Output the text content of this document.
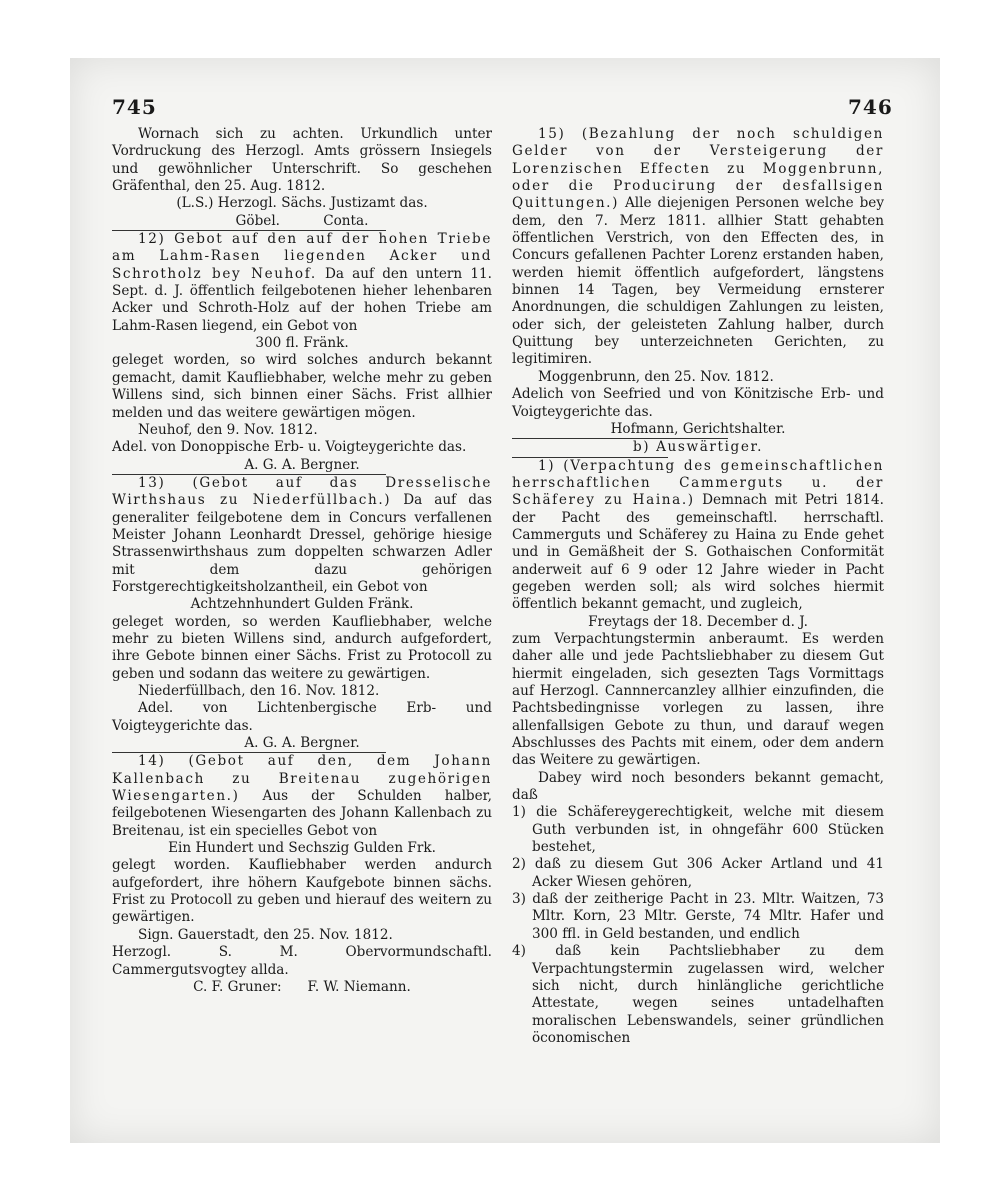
745	746

Wornach sich zu achten. Urkundlich unter Vordruckung des Herzogl. Amts grössern Insiegels und gewöhnlicher Unterschrift. So geschehen Gräfenthal, den 25. Aug. 1812.

(L.S.) Herzogl. Sächs. Justizamt das.

Göbel.          Conta.

12) Gebot auf den auf der hohen Triebe am Lahm-Rasen liegenden Acker und Schrotholz bey Neuhof. Da auf den untern 11. Sept. d. J. öffentlich feilgebotenen hieher lehenbaren Acker und Schroth-Holz auf der hohen Triebe am Lahm-Rasen liegend, ein Gebot von

300 fl. Fränk.

geleget worden, so wird solches andurch bekannt gemacht, damit Kaufliebhaber, welche mehr zu geben Willens sind, sich binnen einer Sächs. Frist allhier melden und das weitere gewärtigen mögen.

Neuhof, den 9. Nov. 1812.

Adel. von Donoppische Erb- u. Voigteygerichte das.

A. G. A. Bergner.

13) (Gebot auf das Dresselische Wirthshaus zu Niederfüllbach.) Da auf das generaliter feilgebotene dem in Concurs verfallenen Meister Johann Leonhardt Dressel, gehörige hiesige Strassenwirthshaus zum doppelten schwarzen Adler mit dem dazu gehörigen Forstgerechtigkeitsholzantheil, ein Gebot von

Achtzehnhundert Gulden Fränk.

geleget worden, so werden Kaufliebhaber, welche mehr zu bieten Willens sind, andurch aufgefordert, ihre Gebote binnen einer Sächs. Frist zu Protocoll zu geben und sodann das weitere zu gewärtigen.

Niederfüllbach, den 16. Nov. 1812.

Adel. von Lichtenbergische Erb- und Voigteygerichte das.

A. G. A. Bergner.

14) (Gebot auf den, dem Johann Kallenbach zu Breitenau zugehörigen Wiesengarten.) Aus der Schulden halber, feilgebotenen Wiesengarten des Johann Kallenbach zu Breitenau, ist ein specielles Gebot von

Ein Hundert und Sechszig Gulden Frk.

gelegt worden. Kaufliebhaber werden andurch aufgefordert, ihre höhern Kaufgebote binnen sächs. Frist zu Protocoll zu geben und hierauf des weitern zu gewärtigen.

Sign. Gauerstadt, den 25. Nov. 1812.

Herzogl. S. M. Obervormundschaftl. Cammergutsvogtey allda.

C. F. Gruner:      F. W. Niemann.

15) (Bezahlung der noch schuldigen Gelder von der Versteigerung der Lorenzischen Effecten zu Moggenbrunn, oder die Producirung der desfallsigen Quittungen.) Alle diejenigen Personen welche bey dem, den 7. Merz 1811. allhier Statt gehabten öffentlichen Verstrich, von den Effecten des, in Concurs gefallenen Pachter Lorenz erstanden haben, werden hiemit öffentlich aufgefordert, längstens binnen 14 Tagen, bey Vermeidung ernsterer Anordnungen, die schuldigen Zahlungen zu leisten, oder sich, der geleisteten Zahlung halber, durch Quittung bey unterzeichneten Gerichten, zu legitimiren.

Moggenbrunn, den 25. Nov. 1812.

Adelich von Seefried und von Könitzische Erb- und Voigteygerichte das.

Hofmann, Gerichtshalter.

b) Auswärtiger.

1) (Verpachtung des gemeinschaftlichen herrschaftlichen Cammerguts u. der Schäferey zu Haina.) Demnach mit Petri 1814. der Pacht des gemeinschaftl. herrschaftl. Cammerguts und Schäferey zu Haina zu Ende gehet und in Gemäßheit der S. Gothaischen Conformität anderweit auf 6 9 oder 12 Jahre wieder in Pacht gegeben werden soll; als wird solches hiermit öffentlich bekannt gemacht, und zugleich,

Freytags der 18. December d. J.

zum Verpachtungstermin anberaumt. Es werden daher alle und jede Pachtsliebhaber zu diesem Gut hiermit eingeladen, sich gesezten Tags Vormittags auf Herzogl. Cannnercanzley allhier einzufinden, die Pachtsbedingnisse vorlegen zu lassen, ihre allenfallsigen Gebote zu thun, und darauf wegen Abschlusses des Pachts mit einem, oder dem andern das Weitere zu gewärtigen.

Dabey wird noch besonders bekannt gemacht, daß

1) die Schäfereygerechtigkeit, welche mit diesem Guth verbunden ist, in ohngefähr 600 Stücken bestehet,

2) daß zu diesem Gut 306 Acker Artland und 41 Acker Wiesen gehören,

3) daß der zeitherige Pacht in 23. Mltr. Waitzen, 73 Mltr. Korn, 23 Mltr. Gerste, 74 Mltr. Hafer und 300 ffl. in Geld bestanden, und endlich

4) daß kein Pachtsliebhaber zu dem Verpachtungstermin zugelassen wird, welcher sich nicht, durch hinlängliche gerichtliche Attestate, wegen seines untadelhaften moralischen Lebenswandels, seiner gründlichen öconomischen
